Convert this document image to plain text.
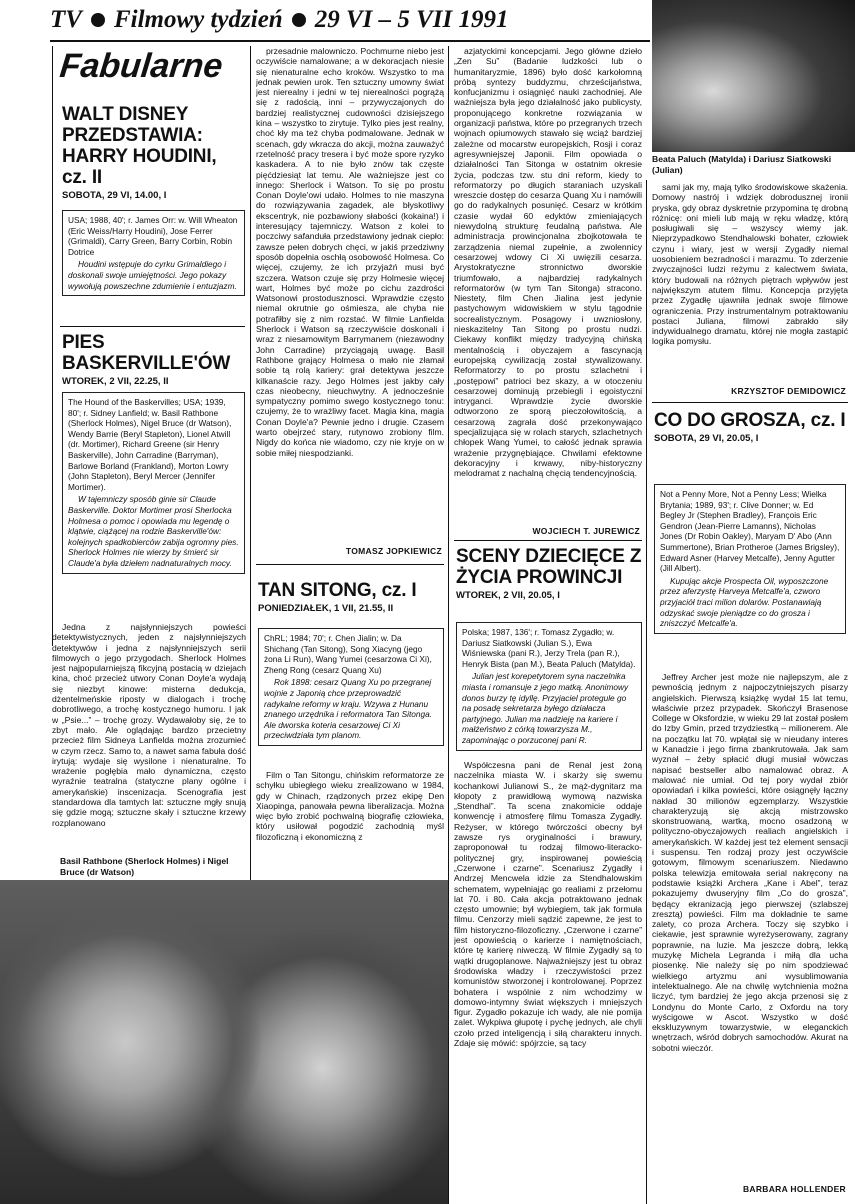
TV Filmowy tydzień 29 VI – 5 VII 1991
Beata Paluch (Matylda) i Dariusz Siatkowski (Julian)
Fabularne
WALT DISNEY PRZEDSTAWIA: HARRY HOUDINI, cz. II

SOBOTA, 29 VI, 14.00, I

USA; 1988, 40'; r. James Orr: w. Will Wheaton (Eric Weiss/Harry Houdini), Jose Ferrer (Grimaldi), Carry Green, Barry Corbin, Robin Dotrice

Houdini wstępuje do cyrku Grimaldiego i doskonali swoje umiejętności. Jego pokazy wywołują powszechne zdumienie i entuzjazm.

PIES BASKERVILLE'ÓW

WTOREK, 2 VII, 22.25, II

The Hound of the Baskervilles; USA; 1939, 80'; r. Sidney Lanfield; w. Basil Rathbone (Sherlock Holmes), Nigel Bruce (dr Watson), Wendy Barrie (Beryl Stapleton), Lionel Atwill (dr. Mortimer), Richard Greene (sir Henry Baskerville), John Carradine (Barryman), Barlowe Borland (Frankland), Morton Lowry (John Stapleton), Beryl Mercer (Jennifer Mortimer).

W tajemniczy sposób ginie sir Claude Baskerville. Doktor Mortimer prosi Sherlocka Holmesa o pomoc i opowiada mu legendę o klątwie, ciążącej na rodzie Baskerville'ów: kolejnych spadkobierców zabija ogromny pies. Sherlock Holmes nie wierzy by śmierć sir Claude'a była dziełem nadnaturalnych mocy.

Jedna z najsłynniejszych powieści detektywistycznych, jeden z najsłynniejszych detektywów i jedna z najsłynniejszych serii filmowych o jego przygodach. Sherlock Holmes jest najpopularniejszą fikcyjną postacią w dziejach kina, choć przecież utwory Conan Doyle'a wydają się niezbyt kinowe: misterna dedukcja, dżentelmeńskie riposty w dialogach i trochę dobrotliwego, a trochę kostycznego humoru. I jak w „Psie...” – trochę grozy. Wydawałoby się, że to zbyt mało. Ale oglądając bardzo przecietny przecież film Sidneya Lanfielda można zrozumieć w czym rzecz. Samo to, a nawet sama fabuła dość irytują: wydaje się wysilone i nienaturalne. To wrażenie pogłębia mało dynamiczna, często wyraźnie teatralna (statyczne plany ogólne i amerykańskie) inscenizacja. Scenografia jest standardowa dla tamtych lat: sztuczne mgły snują się gdzie mogą; sztuczne skały i sztuczne krzewy rozplanowano

Basil Rathbone (Sherlock Holmes) i Nigel Bruce (dr Watson)

przesadnie malowniczo. Pochmurne niebo jest oczywiście namalowane; a w dekoracjach niesie się nienaturalne echo kroków. Wszystko to ma jednak pewien urok. Ten sztuczny umowny świat jest nierealny i jedni w tej nierealności pogrążą się z radością, inni – przywyczajonych do bardziej realistycznej cudowności dzisiejszego kina – wszystko to zirytuje. Tylko pies jest realny, choć kły ma też chyba podmalowane. Jednak w scenach, gdy wkracza do akcji, można zauważyć rzetelność pracy tresera i być może spore ryzyko kaskadera. A to nie było znów tak częste pięćdziesiąt lat temu. Ale ważniejsze jest co innego: Sherlock i Watson. To się po prostu Conan Doyle'owi udało. Holmes to nie maszyna do rozwiązywania zagadek, ale błyskotliwy ekscentryk, nie pozbawiony słabości (kokaina!) i interesujący tajemniczy. Watson z kolei to poczciwy safanduła przedstawiony jednak ciepło: zawsze pełen dobrych chęci, w jakiś przedziwny sposób dopełnia oschłą osobowość Holmesa. Co więcej, czujemy, że ich przyjaźń musi być szczera. Watson czuje się przy Holmesie więcej wart, Holmes być może po cichu zazdrości Watsonowi prostodusznosci. Wprawdzie często niemal okrutnie go ośmiesza, ale chyba nie potrafiłby się z nim rozstać. W filmie Lanfielda Sherlock i Watson są rzeczywiście doskonali i wraz z niesamowitym Barrymanem (niezawodny John Carradine) przyciągają uwagę. Basil Rathbone grający Holmesa o mało nie złamał sobie tą rolą kariery: grał detektywa jeszcze kilkanaście razy. Jego Holmes jest jakby cały czas nieobecny, nieuchwytny. A jednocześnie sympatyczny pomimo swego kostycznego tonu: czujemy, że to wrażliwy facet. Magia kina, magia Conan Doyle'a? Pewnie jedno i drugie. Czasem warto obejrzeć stary, rutynowo zrobiony film. Nigdy do końca nie wiadomo, czy nie kryje on w sobie miłej niespodzianki.

TOMASZ JOPKIEWICZ
TAN SITONG, cz. I

PONIEDZIAŁEK, 1 VII, 21.55, II

ChRL; 1984; 70'; r. Chen Jialin; w. Da Shichang (Tan Sitong), Song Xiacyng (jego żona Li Run), Wang Yumei (cesarzowa Ci Xi), Zheng Rong (cesarz Quang Xu)

Rok 1898: cesarz Quang Xu po przegranej wojnie z Japonią chce przeprowadzić radykalne reformy w kraju. Wzywa z Hunanu znanego urzędnika i reformatora Tan Sitonga. Ale dworska koteria cesarzowej Ci Xi przeciwdziała tym planom.

Film o Tan Sitongu, chińskim reformatorze ze schyłku ubiegłego wieku zrealizowano w 1984, gdy w Chinach, rządzonych przez ekipę Den Xiaopinga, panowała pewna liberalizacja. Można więc było zrobić pochwalną biografię człowieka, który usiłował pogodzić zachodnią myśl filozoficzną i ekonomiczną z

azjatyckimi koncepcjami. Jego główne dzieło „Zen Su” (Badanie ludzkości lub o humanitaryzmie, 1896) było dość karkołomną próbą syntezy buddyzmu, chrześcijaństwa, konfucjanizmu i osiągnięć nauki zachodniej. Ale ważniejsza była jego działalność jako publicysty, proponującego konkretne rozwiązania w organizacji państwa, które po przegranych trzech wojnach opiumowych stawało się wciąż bardziej zależne od mocarstw europejskich, Rosji i coraz agresywniejszej Japonii. Film opowiada o działalności Tan Sitonga w ostatnim okresie życia, podczas tzw. stu dni reform, kiedy to reformatorzy po długich staraniach uzyskali wreszcie dostęp do cesarza Quang Xu i namówili go do radykalnych posunięć. Cesarz w krótkim czasie wydał 60 edyktów zmieniających niewydolną strukturę feudalną państwa. Ale administracja prowincjonalna zbojkotowała te zarządzenia niemal zupełnie, a zwolennicy cesarzowej wdowy Ci Xi uwięzili cesarza. Arystokratyczne stronnictwo dworskie triumfowało, a najbardziej radykalnych reformatorów (w tym Tan Sitonga) stracono. Niestety, film Chen Jialina jest jedynie pastychowym widowiskiem w stylu tągodnie socrealistycznym. Posągowy i uwzniosłony, nieskazitelny Tan Sitong po prostu nudzi. Ciekawy konflikt między tradycyjną chińską mentalnością i obyczajem a fascynacją europejską cywilizacją został stywalizowany. Reformatorzy to po prostu szlachetni i „postępowi” patrioci bez skazy, a w otoczeniu cesarzowej dominują przebiegli i egoistyczni intryganci. Wprawdzie życie dworskie odtworzono ze sporą pieczołowitością, a cesarzową zagrała dość przekonywająco specjalizująca się w rolach starych, szlachetnych chłopek Wang Yumei, to całość jednak sprawia wrażenie przygnębiające. Chwilami efektowne dekoracyjny i krwawy, niby-historyczny melodramat z nachalną chęcią tendencyjnością.

WOJCIECH T. JUREWICZ
SCENY DZIECIĘCE Z ŻYCIA PROWINCJI

WTOREK, 2 VII, 20.05, I

Polska; 1987, 136'; r. Tomasz Zygadło; w. Dariusz Siatkowski (Julian S.), Ewa Wiśniewska (pani R.), Jerzy Trela (pan R.), Henryk Bista (pan M.), Beata Paluch (Matylda).

Julian jest korepetytorem syna naczelnika miasta i romansuje z jego matką. Anonimowy donos burzy tę idyllę. Przyjaciel protegule go na posadę sekretarza byłego działacza partyjnego. Julian ma nadzieję na kariere i małżeństwo z córką towarzysza M., zapominając o porzuconej pani R.

Współczesna pani de Renal jest żoną naczelnika miasta W. i skarży się swemu kochankowi Julianowi S., że mąż-dygnitarz ma kłopoty z prawidłową wymową nazwiska „Stendhal”. Ta scena znakomicie oddaje konwencję i atmosferę filmu Tomasza Zygadły. Reżyser, w którego twórczości obecny był zawsze rys oryginalności i brawury, zaproponował tu rodzaj filmowo-literacko-politycznej gry, inspirowanej powieścią „Czerwone i czarne”. Scenariusz Zygadły i Andrzej Mencwela idzie za Stendhalowskim schematem, wypełniając go realiami z przełomu lat 70. i 80. Cała akcja potraktowano jednak często umownie; był wybiegiem, tak jak formuła filmu. Cenzorzy mieli sądzić zapewne, że jest to film historyczno-filozoficzny. „Czerwone i czarne” jest opowieścią o karierze i namiętnościach, które tę karierę niweczą. W filmie Zygadły są to wątki drugoplanowe. Najważniejszy jest tu obraz środowiska władzy i rzeczywistości przez komunistów stworzonej i kontrolowanej. Poprzez bohatera i wspólnie z nim wchodzimy w domowo-intymny świat większych i mniejszych figur. Zygadło pokazuje ich wady, ale nie pomija zalet. Wykpiwa głupotę i pychę jednych, ale chyli czoło przed inteligencją i siłą charakteru innych. Zdaje się mówić: spójrzcie, są tacy

sami jak my, mają tylko środowiskowe skażenia. Domowy nastrój i wdzięk dobrodusznej ironii pryska, gdy obraz dyskretnie przypomina tę drobną różnicę: oni mieli lub mają w ręku władzę, którą posługiwali się – wszyscy wiemy jak. Nieprzypadkowo Stendhalowski bohater, człowiek czynu i wiary, jest w wersji Zygadły niemal uosobieniem bezradności i marazmu. To zderzenie zwyczajności ludzi reżymu z kalectwem świata, który budowali na różnych piętrach wpływów jest największym atutem filmu. Koncepcja przyjęta przez Zygadłę ujawniła jednak swoje filmowe ograniczenia. Przy instrumentalnym potraktowaniu postaci Juliana, filmowi zabrakło siły indywidualnego dramatu, której nie mogła zastąpić logika pomysłu.

KRZYSZTOF DEMIDOWICZ
CO DO GROSZA, cz. I

SOBOTA, 29 VI, 20.05, I

Not a Penny More, Not a Penny Less; Wielka Brytania; 1989, 93'; r. Clive Donner; w. Ed Begley Jr (Stephen Bradley), François Eric Gendron (Jean-Pierre Lamanns), Nicholas Jones (Dr Robin Oakley), Maryam D' Abo (Ann Summertone), Brian Protheroe (James Brigsley), Edward Asner (Harvey Metcalfe), Jenny Agutter (Jill Albert).

Kupując akcje Prospecta Oil, wyposzczone przez aferzystę Harveya Metcalfe'a, czworo przyjaciół traci milion dolarów. Postanawiają odzyskać swoje pieniądze co do grosza i zniszczyć Metcalfe'a.

Jeffrey Archer jest może nie najlepszym, ale z pewnością jednym z najpoczytniejszych pisarzy angielskich. Pierwszą książkę wydał 15 lat temu, właściwie przez przypadek. Skończył Brasenose College w Oksfordzie, w wieku 29 lat został posłem do Izby Gmin, przed trzydziestką – milionerem. Ale na początku lat 70. wpłątał się w nieudany interes w Kanadzie i jego firma zbankrutowała. Jak sam wyznał – żeby spłacić długi musiał wówczas napisać bestseller albo namalować obraz. A malować nie umiał. Od tej pory wydał zbiór opowiadań i kilka powieści, które osiągnęły łączny nakład 30 milionów egzemplarzy. Wszystkie charakteryzują się akcją mistrzowsko skonstruowaną, wartką, mocno osadzoną w polityczno-obyczajowych realiach angielskich i amerykańskich. W każdej jest też element sensacji i suspensu. Ten rodzaj prozy jest oczywiście gotowym, filmowym scenariuszem. Niedawno polska telewizja emitowała serial nakręcony na podstawie książki Archera „Kane i Abel”, teraz pokazujemy dwuseryjny film „Co do grosza”, będący ekranizacją jego pierwszej (szlabszej zresztą) powieści. Film ma dokładnie te same zalety, co proza Archera. Toczy się szybko i ciekawie, jest sprawnie wyreżyserowany, zagrany poprawnie, na luzie. Ma jeszcze dobrą, lekką muzykę Michela Legranda i miłą dla ucha piosenkę. Nie należy się po nim spodziewać wielkiego artyzmu ani wysublimowania intelektualnego. Ale na chwilę wytchnienia można liczyć, tym bardziej że jego akcja przenosi się z Londynu do Monte Carlo, z Oxfordu na tory wyścigowe w Ascot. Wszystko w dość ekskluzywnym towarzystwie, w eleganckich wnętrzach, wśród dobrych samochodów. Akurat na sobotni wieczór.

BARBARA HOLLENDER
